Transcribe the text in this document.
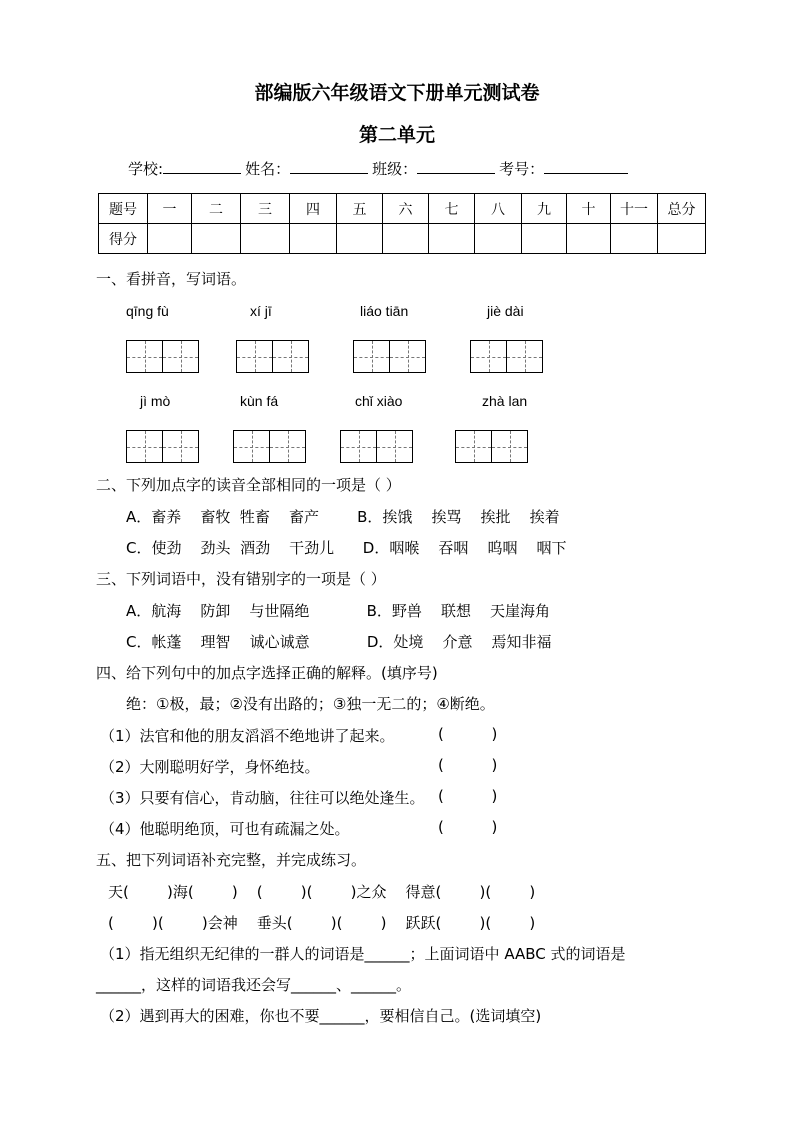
部编版六年级语文下册单元测试卷
第二单元
学校:	姓名：	班级：	考号：
题号	一	二	三	四	五	六	七	八	九	十	十一	总分
得分												
一、看拼音，写词语。
qīng fù	xí jī	liáo tiān	jiè dài
jì mò	kùn fá	chǐ xiào	zhà lan
二、下列加点字的读音全部相同的一项是（ ）
A．畜养    畜牧  牲畜    畜产        B．挨饿    挨骂    挨批    挨着
C．使劲    劲头  酒劲    干劲儿      D．咽喉    吞咽    呜咽    咽下
三、下列词语中，没有错别字的一项是（ ）
A．航海    防卸    与世隔绝            B．野兽    联想    天崖海角
C．帐蓬    理智    诚心诚意            D．处境    介意    焉知非福
四、给下列句中的加点字选择正确的解释。(填序号)
绝：①极，最；②没有出路的；③独一无二的；④断绝。
（1）法官和他的朋友滔滔不绝地讲了起来。	(          )
（2）大刚聪明好学，身怀绝技。	(          )
（3）只要有信心，肯动脑，往往可以绝处逢生。 (          )
（4）他聪明绝顶，可也有疏漏之处。	(          )
五、把下列词语补充完整，并完成练习。
天(        )海(        )    (        )(        )之众    得意(        )(        )
(        )(        )会神    垂头(        )(        )    跃跃(        )(        )
（1）指无组织无纪律的一群人的词语是______；上面词语中 AABC 式的词语是
______，这样的词语我还会写______、______。
（2）遇到再大的困难，你也不要______，要相信自己。(选词填空)
